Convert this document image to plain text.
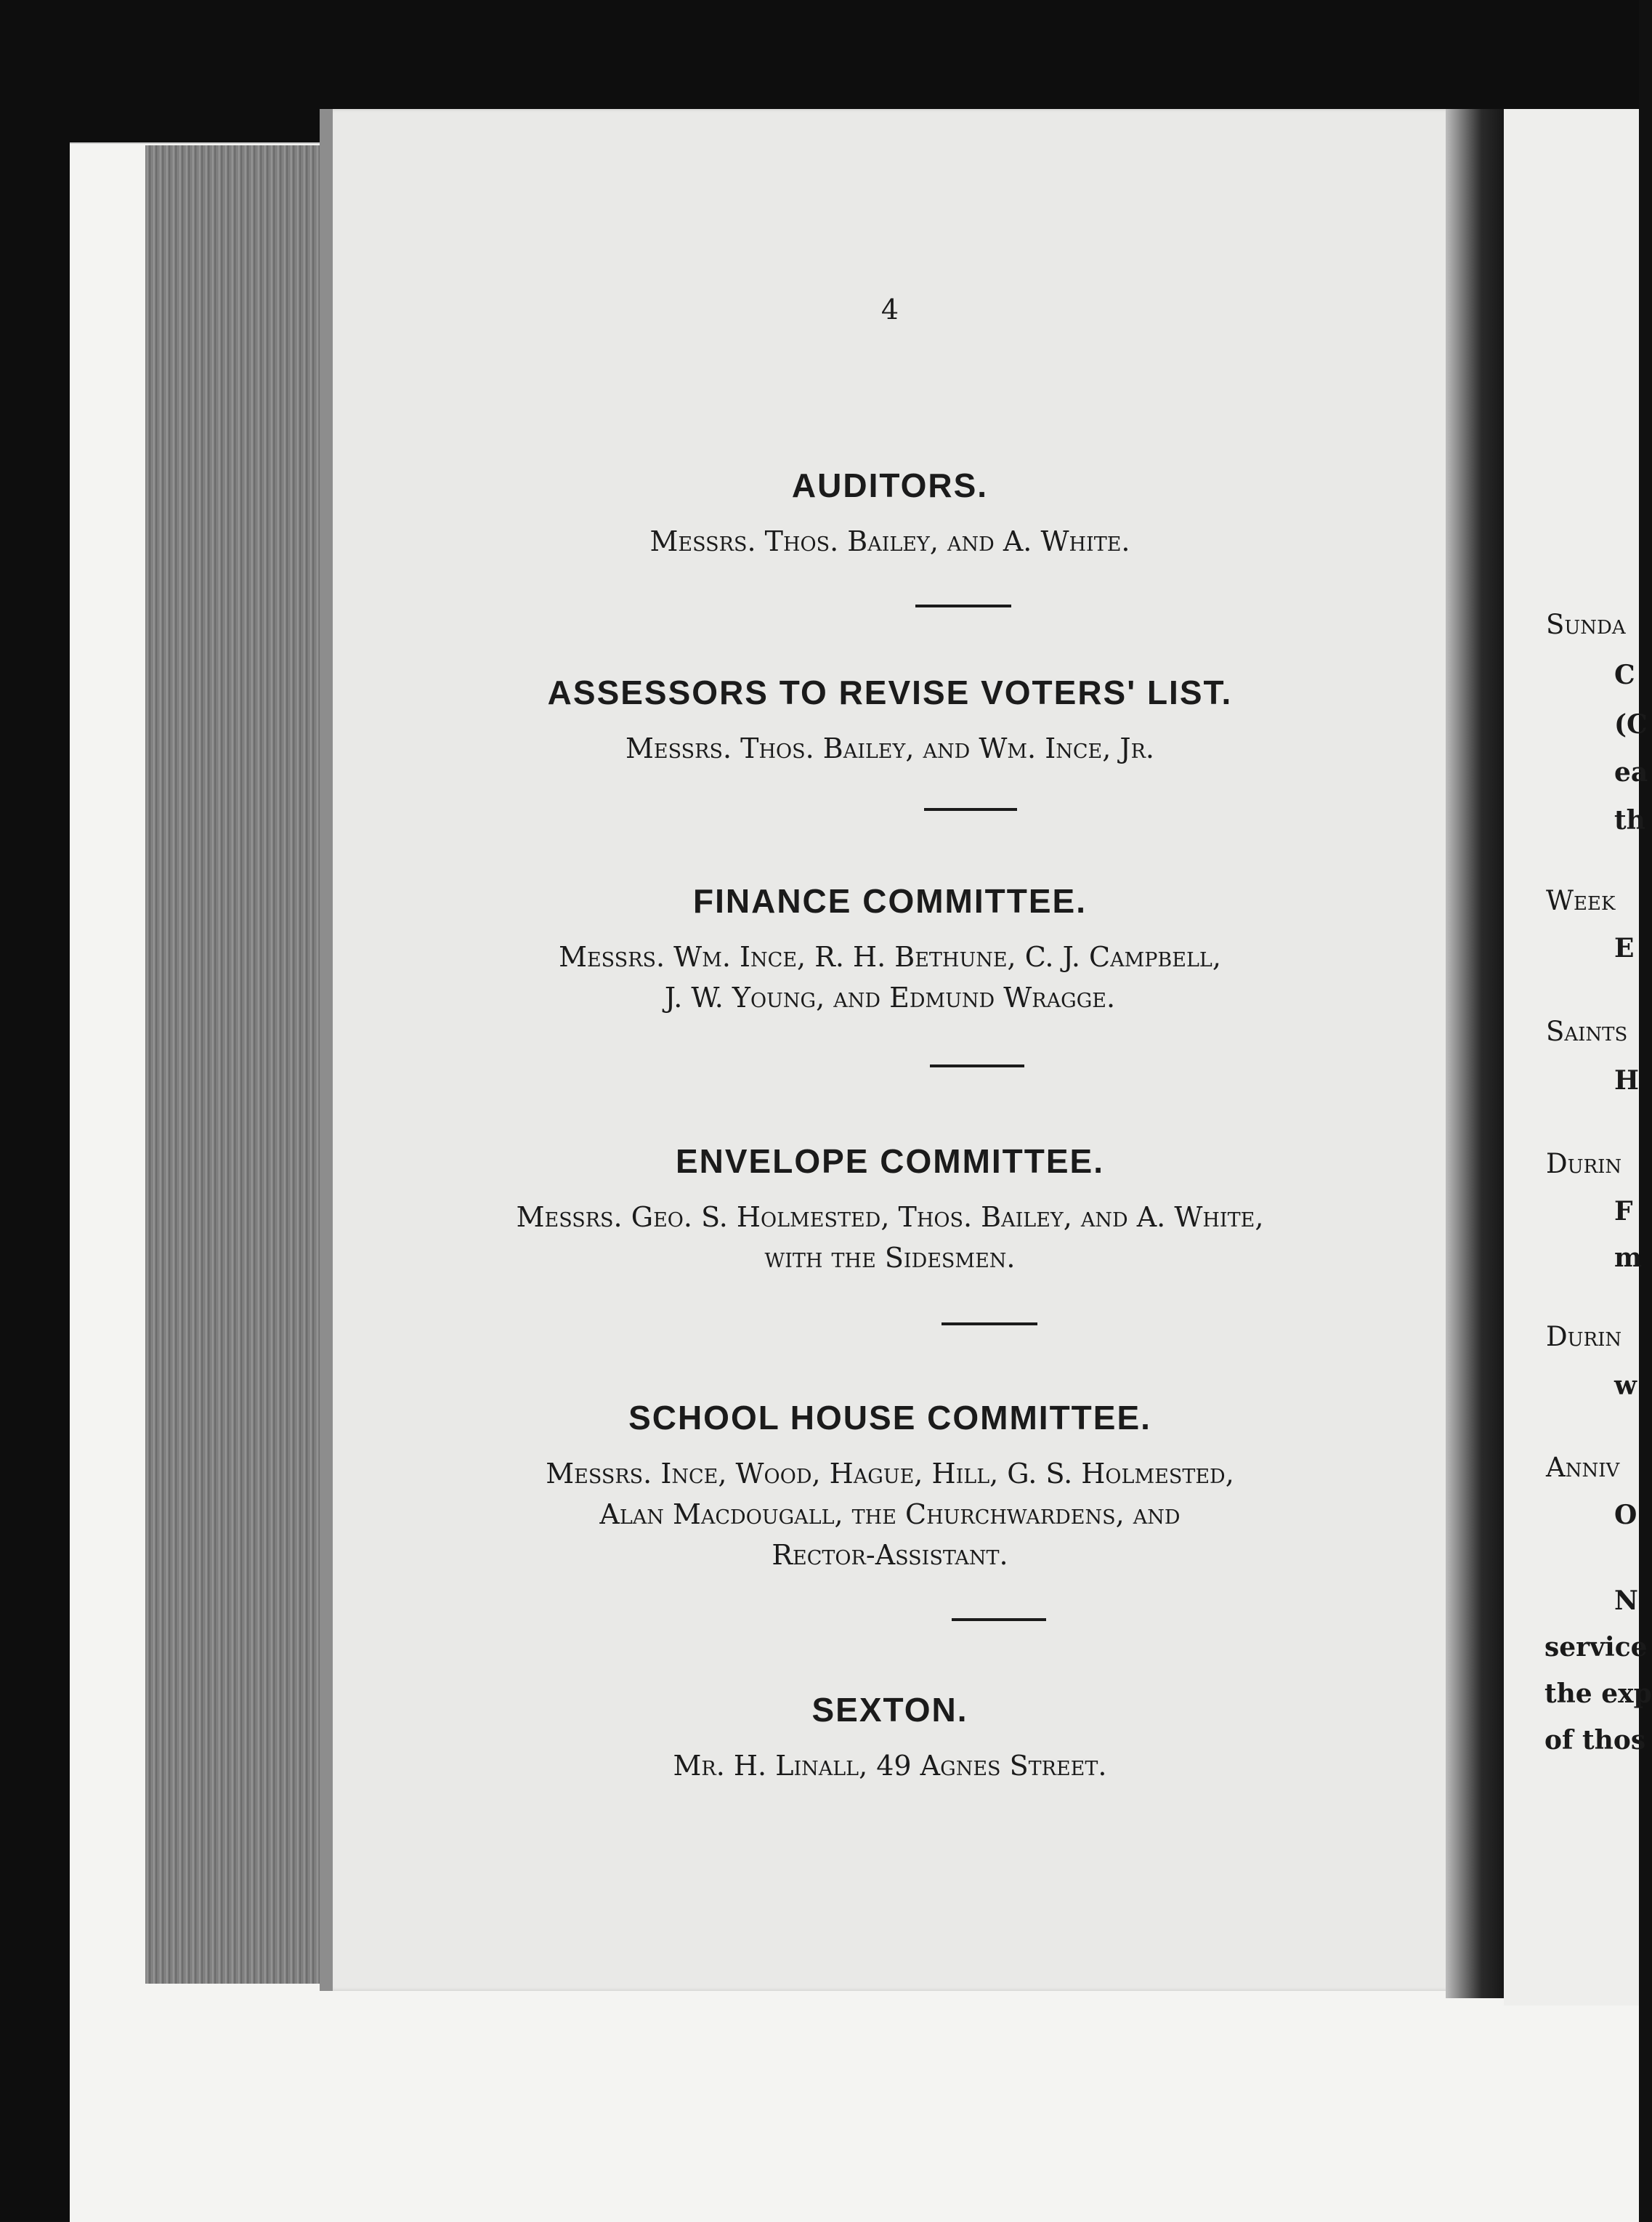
Sunda
C
(C
ea
th
Week
E
Saints
H
Durin
F
m
Durin
w
Anniv
O
N
service
the exp
of thos
4
AUDITORS.
Messrs. Thos. Bailey, and A. White.
ASSESSORS TO REVISE VOTERS' LIST.
Messrs. Thos. Bailey, and Wm. Ince, Jr.
FINANCE COMMITTEE.
Messrs. Wm. Ince, R. H. Bethune, C. J. Campbell,
J. W. Young, and Edmund Wragge.
ENVELOPE COMMITTEE.
Messrs. Geo. S. Holmested, Thos. Bailey, and A. White,
with the Sidesmen.
SCHOOL HOUSE COMMITTEE.
Messrs. Ince, Wood, Hague, Hill, G. S. Holmested,
Alan Macdougall, the Churchwardens, and
Rector-Assistant.
SEXTON.
Mr. H. Linall, 49 Agnes Street.
